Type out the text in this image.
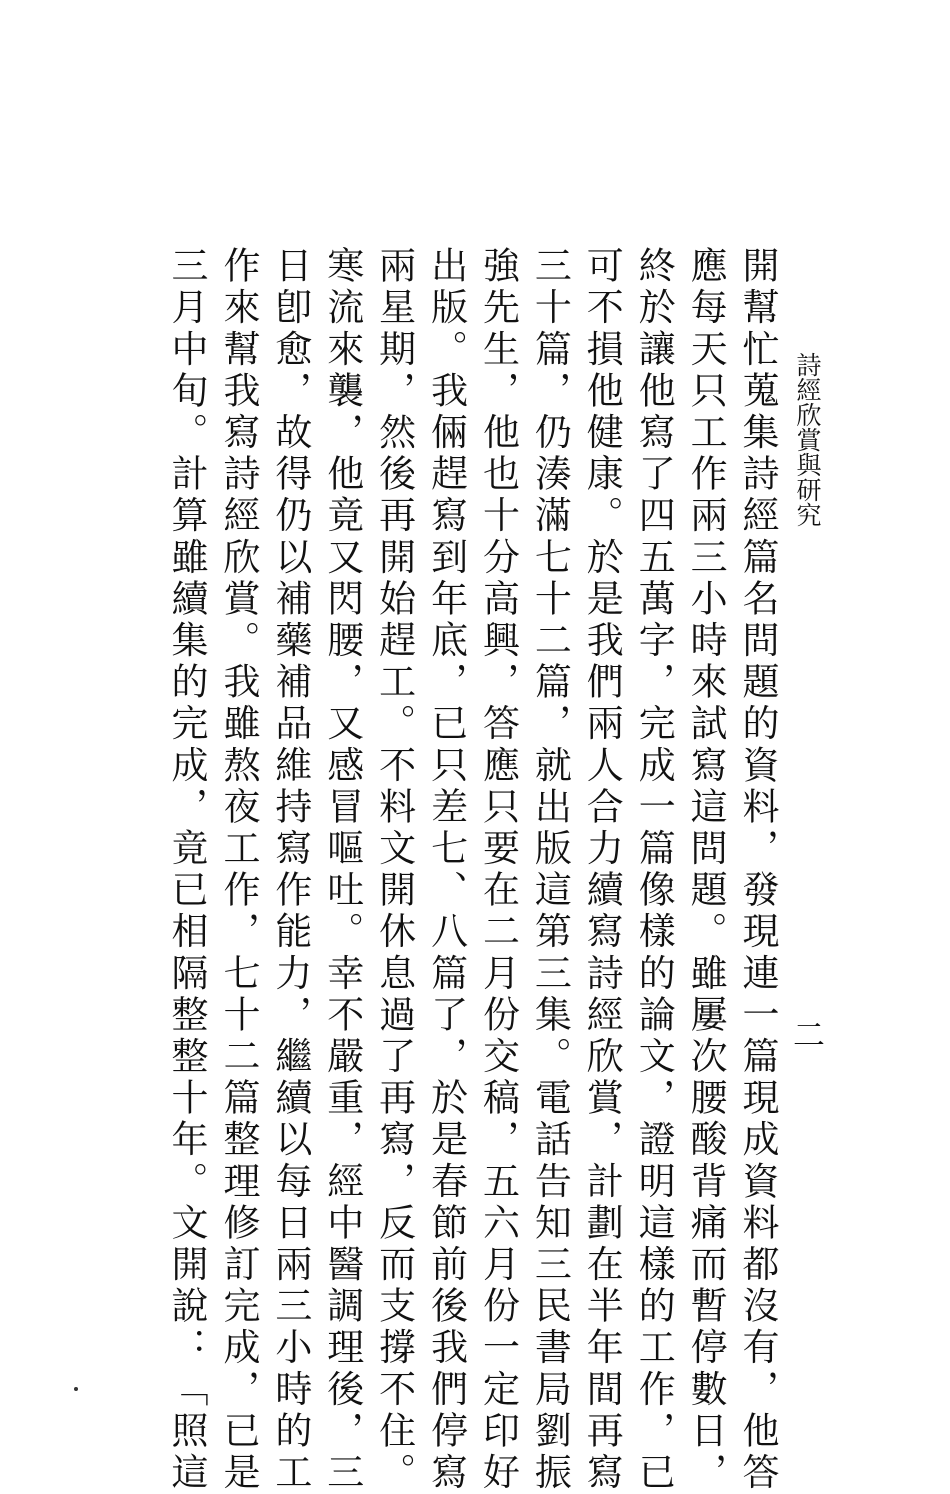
詩經欣賞與研究
二

開幫忙蒐集詩經篇名問題的資料，發現連一篇現成資料都沒有，他答

應每天只工作兩三小時來試寫這問題。雖屢次腰酸背痛而暫停數日，

終於讓他寫了四五萬字，完成一篇像樣的論文，證明這樣的工作，已

可不損他健康。於是我們兩人合力續寫詩經欣賞，計劃在半年間再寫

三十篇，仍湊滿七十二篇，就出版這第三集。電話告知三民書局劉振

強先生，他也十分高興，答應只要在二月份交稿，五六月份一定印好

出版。我倆趕寫到年底，已只差七、八篇了，於是春節前後我們停寫

兩星期，然後再開始趕工。不料文開休息過了再寫，反而支撐不住。

寒流來襲，他竟又閃腰，又感冒嘔吐。幸不嚴重，經中醫調理後，三

日卽愈，故得仍以補藥補品維持寫作能力，繼續以每日兩三小時的工

作來幫我寫詩經欣賞。我雖熬夜工作，七十二篇整理修訂完成，已是

三月中旬。計算雖續集的完成，竟已相隔整整十年。文開說：「照這
